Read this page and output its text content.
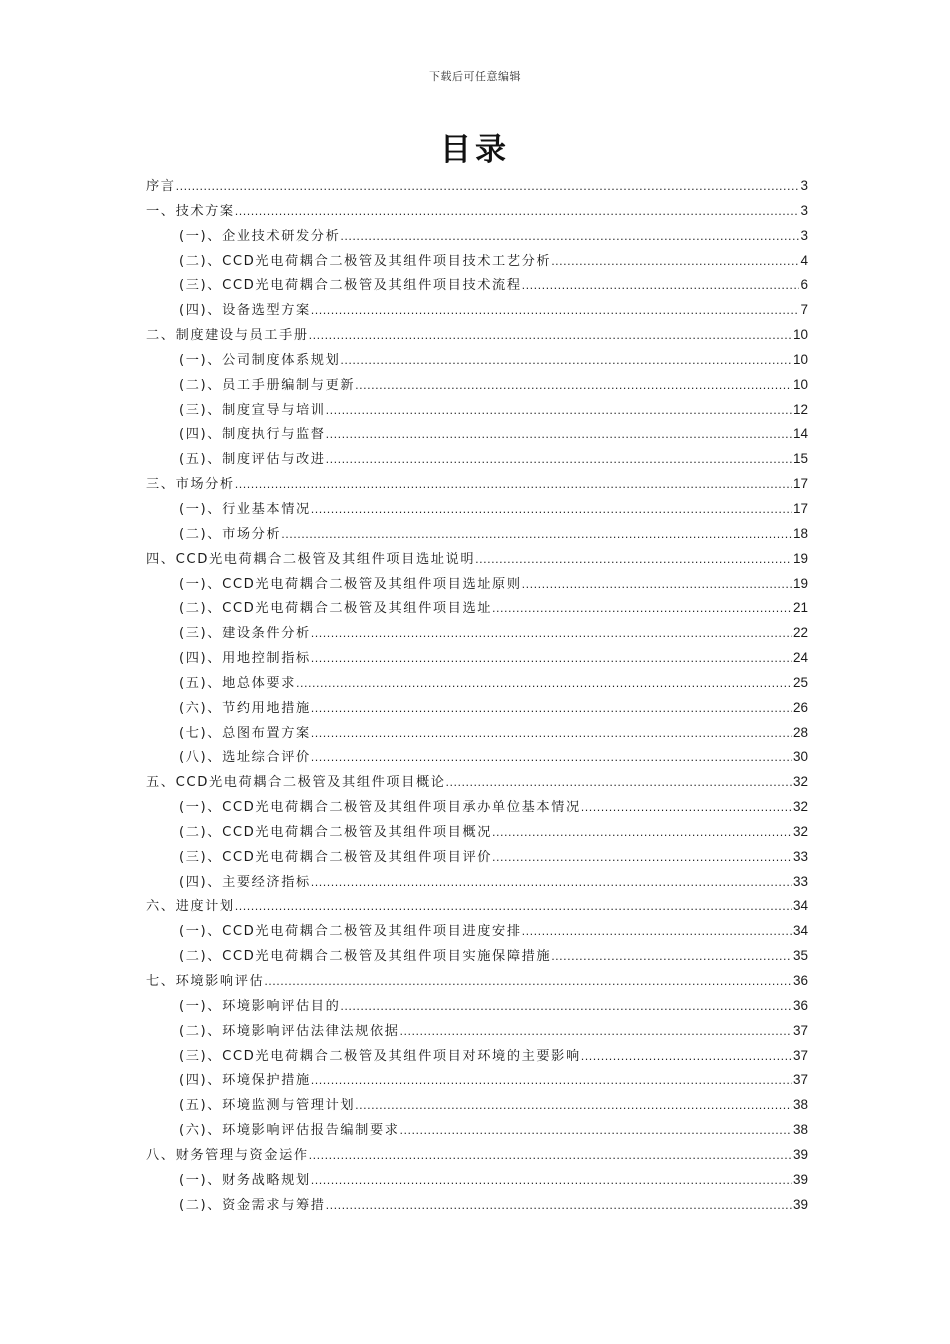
下载后可任意编辑
目录
序言 .....	3
一、技术方案 .....	3
(一)、企业技术研发分析 .....	3
(二)、CCD光电荷耦合二极管及其组件项目技术工艺分析 .....	4
(三)、CCD光电荷耦合二极管及其组件项目技术流程 .....	6
(四)、设备选型方案 .....	7
二、制度建设与员工手册 .....	10
(一)、公司制度体系规划 .....	10
(二)、员工手册编制与更新 .....	10
(三)、制度宣导与培训 .....	12
(四)、制度执行与监督 .....	14
(五)、制度评估与改进 .....	15
三、市场分析 .....	17
(一)、行业基本情况 .....	17
(二)、市场分析 .....	18
四、CCD光电荷耦合二极管及其组件项目选址说明 .....	19
(一)、CCD光电荷耦合二极管及其组件项目选址原则 .....	19
(二)、CCD光电荷耦合二极管及其组件项目选址 .....	21
(三)、建设条件分析 .....	22
(四)、用地控制指标 .....	24
(五)、地总体要求 .....	25
(六)、节约用地措施 .....	26
(七)、总图布置方案 .....	28
(八)、选址综合评价 .....	30
五、CCD光电荷耦合二极管及其组件项目概论 .....	32
(一)、CCD光电荷耦合二极管及其组件项目承办单位基本情况 .....	32
(二)、CCD光电荷耦合二极管及其组件项目概况 .....	32
(三)、CCD光电荷耦合二极管及其组件项目评价 .....	33
(四)、主要经济指标 .....	33
六、进度计划 .....	34
(一)、CCD光电荷耦合二极管及其组件项目进度安排 .....	34
(二)、CCD光电荷耦合二极管及其组件项目实施保障措施 .....	35
七、环境影响评估 .....	36
(一)、环境影响评估目的 .....	36
(二)、环境影响评估法律法规依据 .....	37
(三)、CCD光电荷耦合二极管及其组件项目对环境的主要影响 .....	37
(四)、环境保护措施 .....	37
(五)、环境监测与管理计划 .....	38
(六)、环境影响评估报告编制要求 .....	38
八、财务管理与资金运作 .....	39
(一)、财务战略规划 .....	39
(二)、资金需求与筹措 .....	39
